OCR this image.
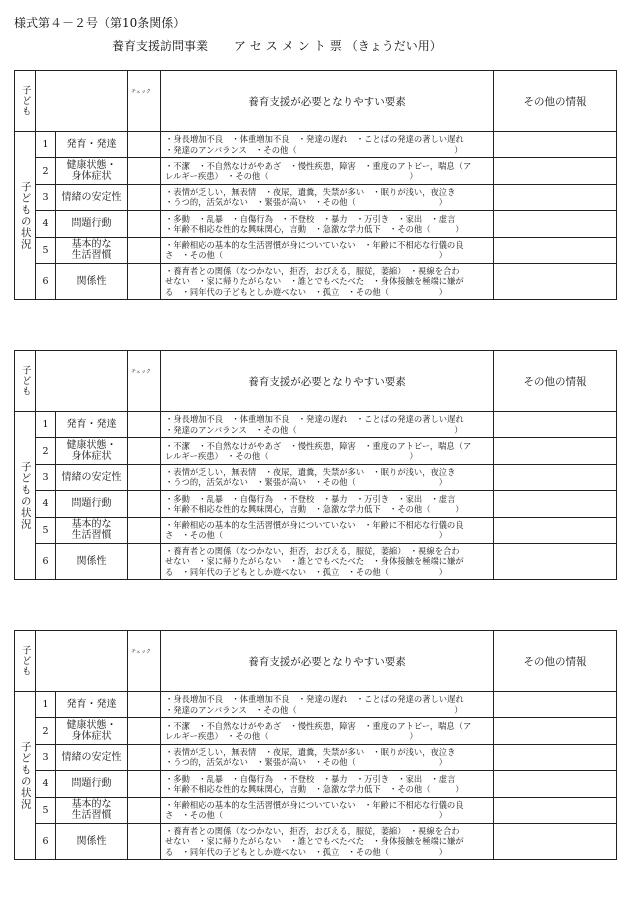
様式第４－２号（第10条関係）
養育支援訪問事業 アセスメント票（きょうだい用）
子ども			チェック	養育支援が必要となりやすい要素	その他の情報

子どもの状況	1	発育・発達		・身長増加不良　・体重増加不良　・発達の遅れ　・ことばの発達の著しい遅れ
・発達のアンバランス　・その他（　　　　　　　　　　　　　　　　　　　）	
	2	健康状態・
身体症状		・不潔　・不自然なけがやあざ　・慢性疾患，障害　・重度のアトピー，喘息（ア
レルギー疾患）　・その他（　　　　　　　　　　　　　　　　　）	
	3	情緒の安定性		・表情が乏しい，無表情　・夜尿，遺糞，失禁が多い　・眠りが浅い，夜泣き
・うつ的，活気がない　・緊張が高い　・その他（　　　　　　　　　　）	
	4	問題行動		・多動　・乱暴　・自傷行為　・不登校　・暴力　・万引き　・家出　・虚言
・年齢不相応な性的な興味関心，言動　・急激な学力低下　・その他（　　　）	
	5	基本的な
生活習慣		・年齢相応の基本的な生活習慣が身についていない　・年齢に不相応な行儀の良
さ　・その他（　　　　　　　　　　　　　　　　　　　　　　　　　　）	
	6	関係性		・養育者との関係（なつかない，拒否，おびえる，服従，萎縮）　・視線を合わ
せない　・家に帰りたがらない　・誰とでもべたべた　・身体接触を極端に嫌が
る　・同年代の子どもとしか遊べない　・孤立　・その他（　　　　　　）	
子ども			チェック	養育支援が必要となりやすい要素	その他の情報

子どもの状況	1	発育・発達		・身長増加不良　・体重増加不良　・発達の遅れ　・ことばの発達の著しい遅れ
・発達のアンバランス　・その他（　　　　　　　　　　　　　　　　　　　）	
	2	健康状態・
身体症状		・不潔　・不自然なけがやあざ　・慢性疾患，障害　・重度のアトピー，喘息（ア
レルギー疾患）　・その他（　　　　　　　　　　　　　　　　　）	
	3	情緒の安定性		・表情が乏しい，無表情　・夜尿，遺糞，失禁が多い　・眠りが浅い，夜泣き
・うつ的，活気がない　・緊張が高い　・その他（　　　　　　　　　　）	
	4	問題行動		・多動　・乱暴　・自傷行為　・不登校　・暴力　・万引き　・家出　・虚言
・年齢不相応な性的な興味関心，言動　・急激な学力低下　・その他（　　　）	
	5	基本的な
生活習慣		・年齢相応の基本的な生活習慣が身についていない　・年齢に不相応な行儀の良
さ　・その他（　　　　　　　　　　　　　　　　　　　　　　　　　　）	
	6	関係性		・養育者との関係（なつかない，拒否，おびえる，服従，萎縮）　・視線を合わ
せない　・家に帰りたがらない　・誰とでもべたべた　・身体接触を極端に嫌が
る　・同年代の子どもとしか遊べない　・孤立　・その他（　　　　　　）	
子ども			チェック	養育支援が必要となりやすい要素	その他の情報

子どもの状況	1	発育・発達		・身長増加不良　・体重増加不良　・発達の遅れ　・ことばの発達の著しい遅れ
・発達のアンバランス　・その他（　　　　　　　　　　　　　　　　　　　）	
	2	健康状態・
身体症状		・不潔　・不自然なけがやあざ　・慢性疾患，障害　・重度のアトピー，喘息（ア
レルギー疾患）　・その他（　　　　　　　　　　　　　　　　　）	
	3	情緒の安定性		・表情が乏しい，無表情　・夜尿，遺糞，失禁が多い　・眠りが浅い，夜泣き
・うつ的，活気がない　・緊張が高い　・その他（　　　　　　　　　　）	
	4	問題行動		・多動　・乱暴　・自傷行為　・不登校　・暴力　・万引き　・家出　・虚言
・年齢不相応な性的な興味関心，言動　・急激な学力低下　・その他（　　　）	
	5	基本的な
生活習慣		・年齢相応の基本的な生活習慣が身についていない　・年齢に不相応な行儀の良
さ　・その他（　　　　　　　　　　　　　　　　　　　　　　　　　　）	
	6	関係性		・養育者との関係（なつかない，拒否，おびえる，服従，萎縮）　・視線を合わ
せない　・家に帰りたがらない　・誰とでもべたべた　・身体接触を極端に嫌が
る　・同年代の子どもとしか遊べない　・孤立　・その他（　　　　　　）	
